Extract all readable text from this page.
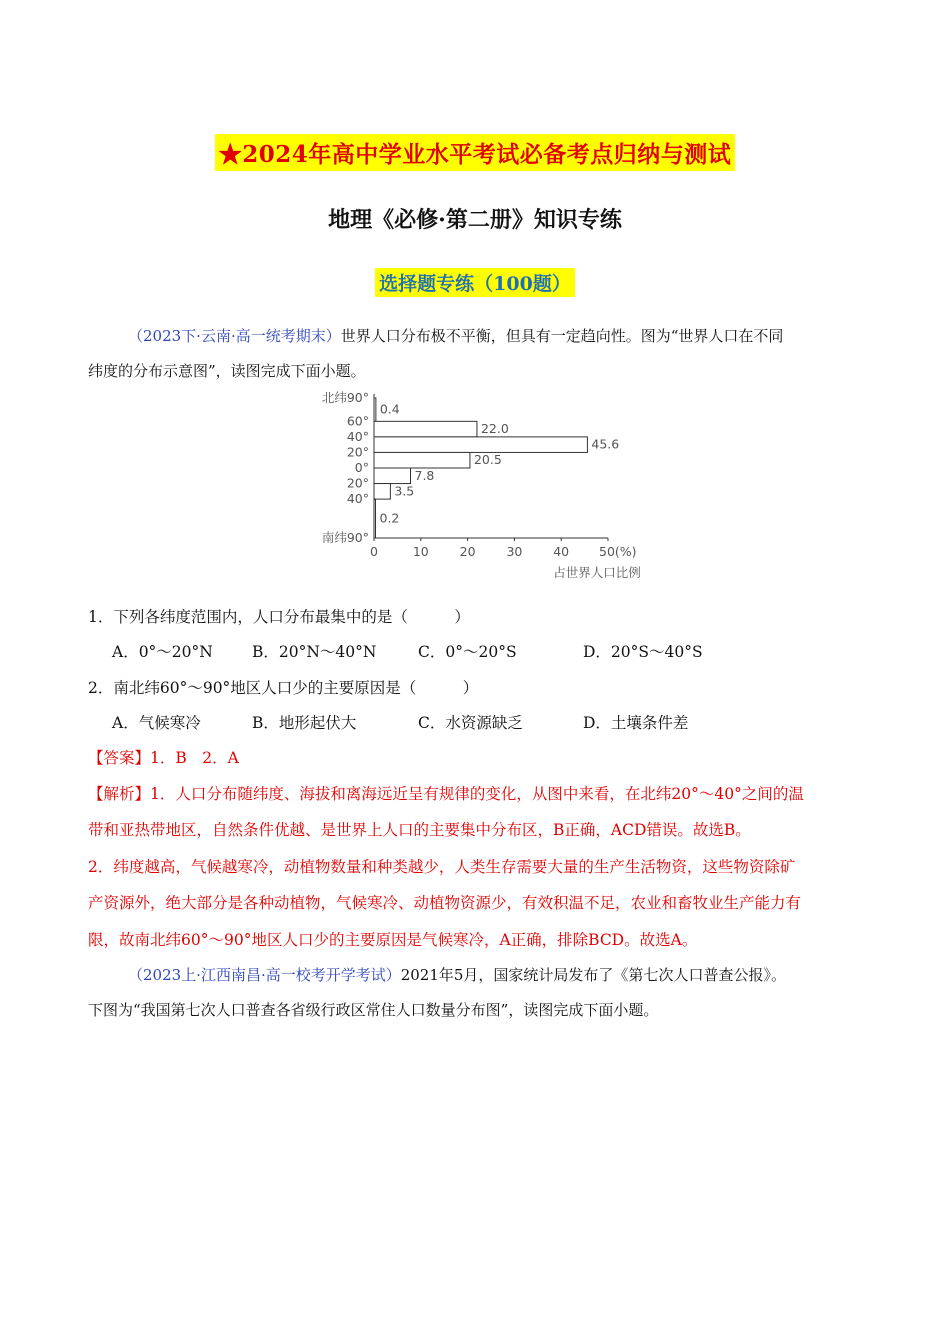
★2024年高中学业水平考试必备考点归纳与测试
地理《必修·第二册》知识专练
选择题专练（100题）
（2023下·云南·高一统考期末）世界人口分布极不平衡，但具有一定趋向性。图为“世界人口在不同
纬度的分布示意图”，读图完成下面小题。
0.4
22.0
45.6
20.5
7.8
3.5
0.2
北纬90°
60°
40°
20°
0°
20°
40°
南纬90°
0	10 20 30 40 50(%)
占世界人口比例
1．下列各纬度范围内，人口分布最集中的是（　　　）
A．0°～20°N	B．20°N～40°N	C．0°～20°S	D．20°S～40°S
2．南北纬60°～90°地区人口少的主要原因是（　　　）
A．气候寒冷	B．地形起伏大	C．水资源缺乏	D．土壤条件差
【答案】1．B　2．A
【解析】1．人口分布随纬度、海拔和离海远近呈有规律的变化，从图中来看，在北纬20°～40°之间的温
带和亚热带地区，自然条件优越、是世界上人口的主要集中分布区，B正确，ACD错误。故选B。
2．纬度越高，气候越寒冷，动植物数量和种类越少，人类生存需要大量的生产生活物资，这些物资除矿
产资源外，绝大部分是各种动植物，气候寒冷、动植物资源少，有效积温不足，农业和畜牧业生产能力有
限，故南北纬60°～90°地区人口少的主要原因是气候寒冷，A正确，排除BCD。故选A。
（2023上·江西南昌·高一校考开学考试）2021年5月，国家统计局发布了《第七次人口普查公报》。
下图为“我国第七次人口普查各省级行政区常住人口数量分布图”，读图完成下面小题。
